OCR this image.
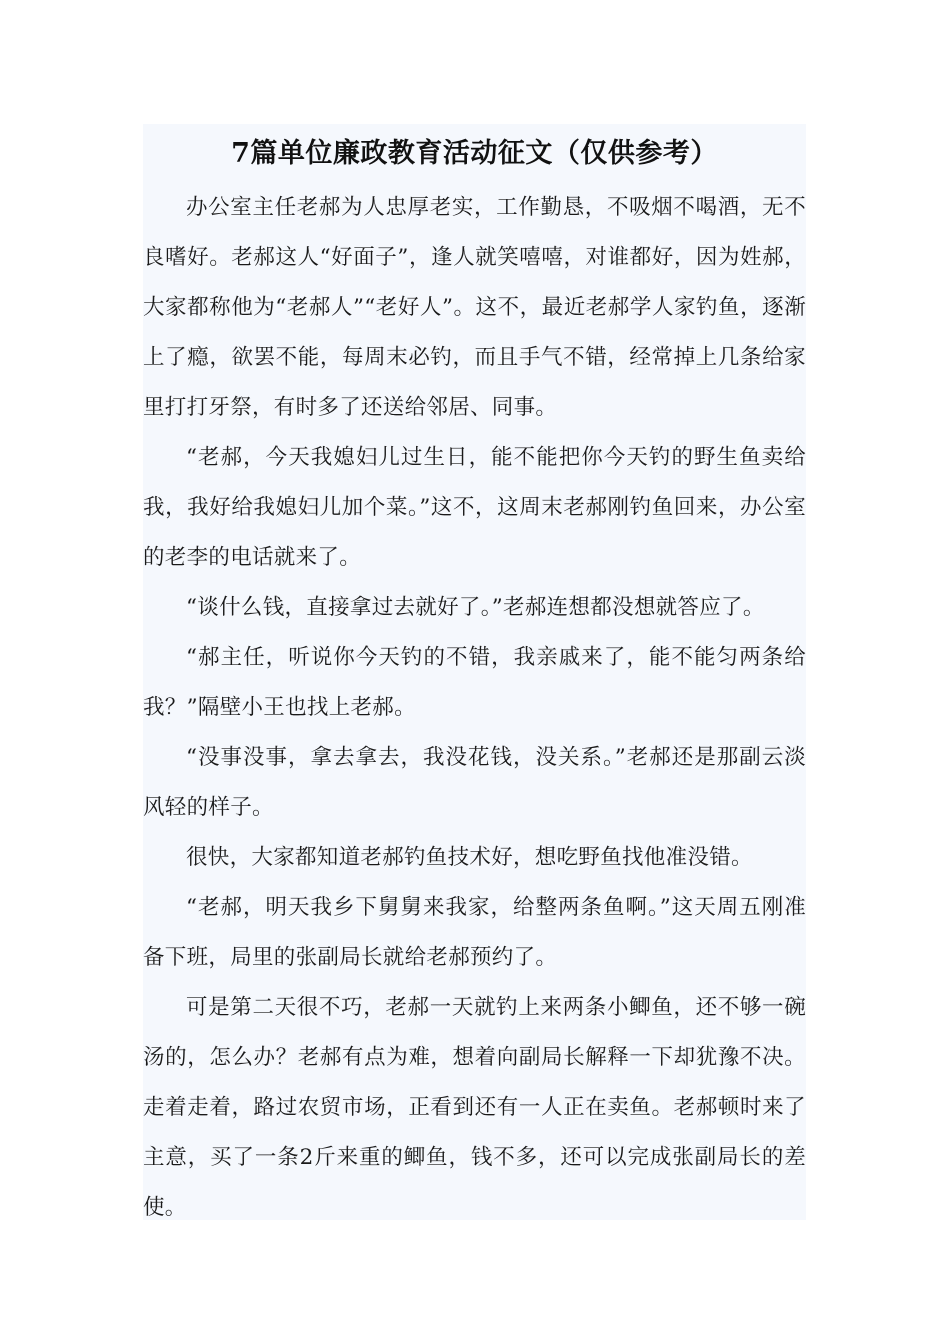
7篇单位廉政教育活动征文（仅供参考）

办公室主任老郝为人忠厚老实，工作勤恳，不吸烟不喝酒，无不良嗜好。老郝这人“好面子”，逢人就笑嘻嘻，对谁都好，因为姓郝，大家都称他为“老郝人”“老好人”。这不，最近老郝学人家钓鱼，逐渐上了瘾，欲罢不能，每周末必钓，而且手气不错，经常掉上几条给家里打打牙祭，有时多了还送给邻居、同事。

“老郝，今天我媳妇儿过生日，能不能把你今天钓的野生鱼卖给我，我好给我媳妇儿加个菜。”这不，这周末老郝刚钓鱼回来，办公室的老李的电话就来了。

“谈什么钱，直接拿过去就好了。”老郝连想都没想就答应了。

“郝主任，听说你今天钓的不错，我亲戚来了，能不能匀两条给我？”隔壁小王也找上老郝。

“没事没事，拿去拿去，我没花钱，没关系。”老郝还是那副云淡风轻的样子。

很快，大家都知道老郝钓鱼技术好，想吃野鱼找他准没错。

“老郝，明天我乡下舅舅来我家，给整两条鱼啊。”这天周五刚准备下班，局里的张副局长就给老郝预约了。

可是第二天很不巧，老郝一天就钓上来两条小鲫鱼，还不够一碗汤的，怎么办？老郝有点为难，想着向副局长解释一下却犹豫不决。走着走着，路过农贸市场，正看到还有一人正在卖鱼。老郝顿时来了主意，买了一条2斤来重的鲫鱼，钱不多，还可以完成张副局长的差使。
